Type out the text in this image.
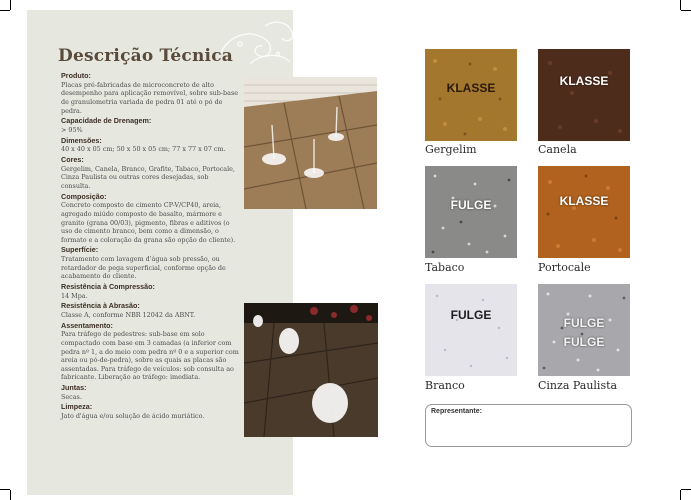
Descrição Técnica
Produto:

Placas pré-fabricadas de microconcreto de alto desempenho para aplicação removível, sobre sub-base de granulometria variada de pedra 01 até o pó de pedra.

Capacidade de Drenagem:

> 95%

Dimensões:

40 x 40 x 05 cm; 50 x 50 x 05 cm; 77 x 77 x 07 cm.

Cores:

Gergelim, Canela, Branco, Grafite, Tabaco, Portocale, Cinza Paulista ou outras cores desejadas, sob consulta.

Composição:

Concreto composto de cimento CP-V/CP40, areia, agregado miúdo composto de basalto, mármore e granito (grana 00/03), pigmento, fibras e aditivos (o uso de cimento branco, bem como a dimensão, o formato e a coloração da grana são opção do cliente).

Superfície:

Tratamento com lavagem d'água sob pressão, ou retardador de pega superficial, conforme opção de acabamento do cliente.

Resistência à Compressão:

14 Mpa.

Resistência à Abrasão:

Classe A, conforme NBR 12042 da ABNT.

Assentamento:

Para tráfego de pedestres: sub-base em solo compactado com base em 3 camadas (a inferior com pedra nº 1, a do meio com pedra nº 0 e a superior com areia ou pó-de-pedra), sobre as quais as placas são assentadas. Para tráfego de veículos: sob consulta ao fabricante. Liberação ao tráfego: imediata.

Juntas:

Secas.

Limpeza:

Jato d'água e/ou solução de ácido muriático.

KLASSE
Gergelim
KLASSE
Canela
FULGE
Tabaco
KLASSE
Portocale
FULGE
Branco
FULGE
FULGE
Cinza Paulista
Representante:
